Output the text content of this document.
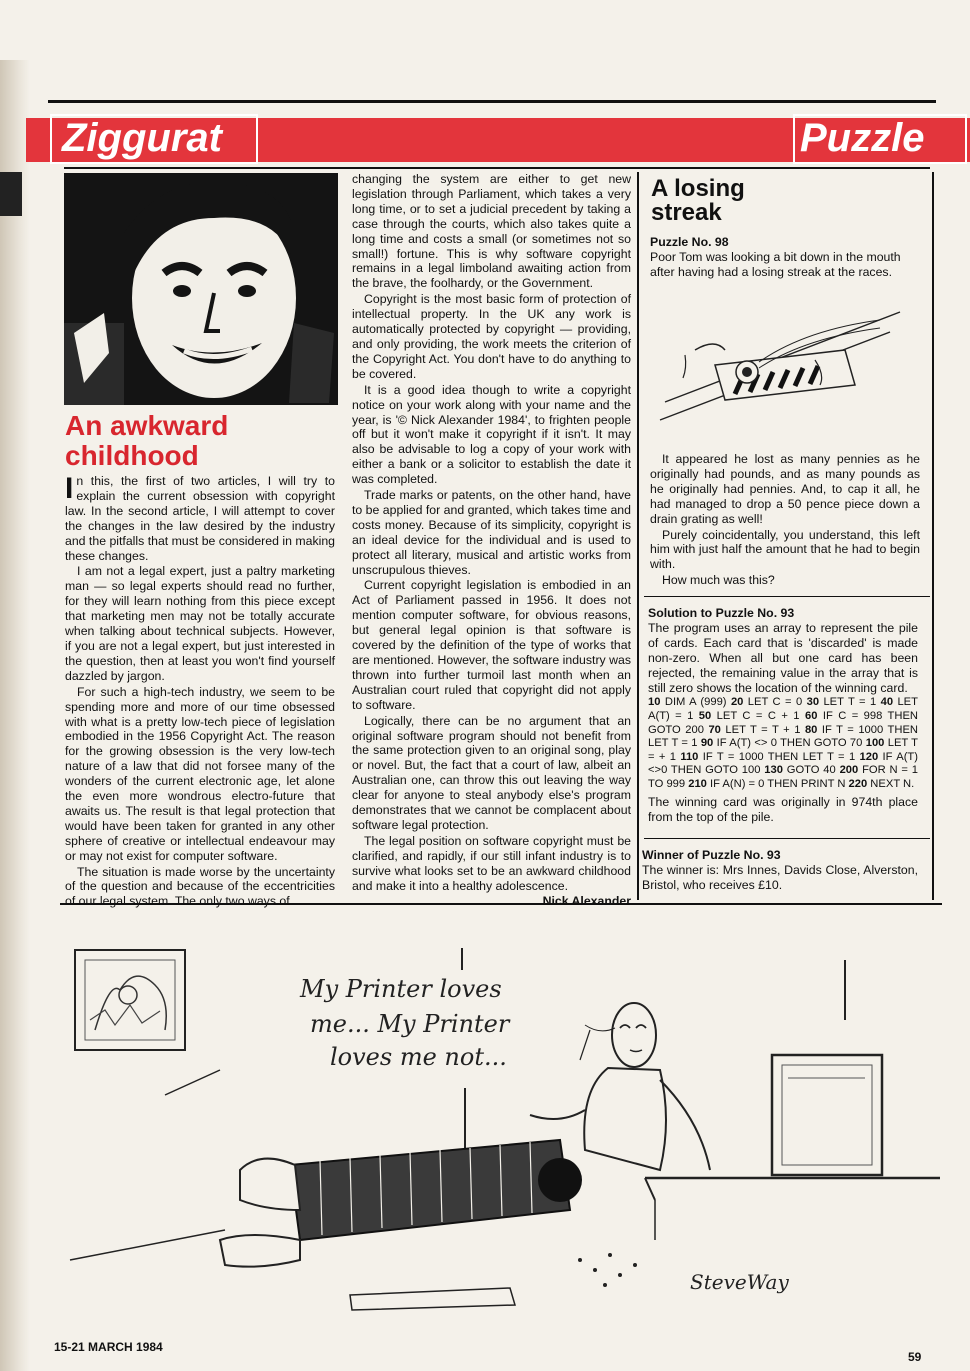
Ziggurat	Puzzle
An awkward childhood

In this, the first of two articles, I will try to explain the current obsession with copyright law. In the second article, I will attempt to cover the changes in the law desired by the industry and the pitfalls that must be considered in making these changes.

I am not a legal expert, just a paltry marketing man — so legal experts should read no further, for they will learn nothing from this piece except that marketing men may not be totally accurate when talking about technical subjects. However, if you are not a legal expert, but just interested in the question, then at least you won't find yourself dazzled by jargon.

For such a high-tech industry, we seem to be spending more and more of our time obsessed with what is a pretty low-tech piece of legislation embodied in the 1956 Copyright Act. The reason for the growing obsession is the very low-tech nature of a law that did not forsee many of the wonders of the current electronic age, let alone the even more wondrous electro-future that awaits us. The result is that legal protection that would have been taken for granted in any other sphere of creative or intellectual endeavour may or may not exist for computer software.

The situation is made worse by the uncertainty of the question and because of the eccentricities of our legal system. The only two ways of

changing the system are either to get new legislation through Parliament, which takes a very long time, or to set a judicial precedent by taking a case through the courts, which also takes quite a long time and costs a small (or sometimes not so small!) fortune. This is why software copyright remains in a legal limboland awaiting action from the brave, the foolhardy, or the Government.

Copyright is the most basic form of protection of intellectual property. In the UK any work is automatically protected by copyright — providing, and only providing, the work meets the criterion of the Copyright Act. You don't have to do anything to be covered.

It is a good idea though to write a copyright notice on your work along with your name and the year, is '© Nick Alexander 1984', to frighten people off but it won't make it copyright if it isn't. It may also be advisable to log a copy of your work with either a bank or a solicitor to establish the date it was completed.

Trade marks or patents, on the other hand, have to be applied for and granted, which takes time and costs money. Because of its simplicity, copyright is an ideal device for the individual and is used to protect all literary, musical and artistic works from unscrupulous thieves.

Current copyright legislation is embodied in an Act of Parliament passed in 1956. It does not mention computer software, for obvious reasons, but general legal opinion is that software is covered by the definition of the type of works that are mentioned. However, the software industry was thrown into further turmoil last month when an Australian court ruled that copyright did not apply to software.

Logically, there can be no argument that an original software program should not benefit from the same protection given to an original song, play or novel. But, the fact that a court of law, albeit an Australian one, can throw this out leaving the way clear for anyone to steal anybody else's program demonstrates that we cannot be complacent about software legal protection.

The legal position on software copyright must be clarified, and rapidly, if our still infant industry is to survive what looks set to be an awkward childhood and make it into a healthy adolescence.
Nick Alexander

A losing streak
Puzzle No. 98

Poor Tom was looking a bit down in the mouth after having had a losing streak at the races.

It appeared he lost as many pennies as he originally had pounds, and as many pounds as he originally had pennies. And, to cap it all, he had managed to drop a 50 pence piece down a drain grating as well!

Purely coincidentally, you understand, this left him with just half the amount that he had to begin with.

How much was this?

Solution to Puzzle No. 93

The program uses an array to represent the pile of cards. Each card that is 'discarded' is made non-zero. When all but one card has been rejected, the remaining value in the array that is still zero shows the location of the winning card.

10 DIM A (999) 20 LET C = 0 30 LET T = 1 40 LET A(T) = 1 50 LET C = C + 1 60 IF C = 998 THEN GOTO 200 70 LET T = T + 1 80 IF T = 1000 THEN LET T = 1 90 IF A(T) <> 0 THEN GOTO 70 100 LET T = + 1 110 IF T = 1000 THEN LET T = 1 120 IF A(T) <>0 THEN GOTO 100 130 GOTO 40 200 FOR N = 1 TO 999 210 IF A(N) = 0 THEN PRINT N 220 NEXT N.

The winning card was originally in 974th place from the top of the pile.

Winner of Puzzle No. 93

The winner is: Mrs Innes, Davids Close, Alverston, Bristol, who receives £10.

My Printer loves
me... My Printer
loves me not...
SteveWay
15-21 MARCH 1984
59
